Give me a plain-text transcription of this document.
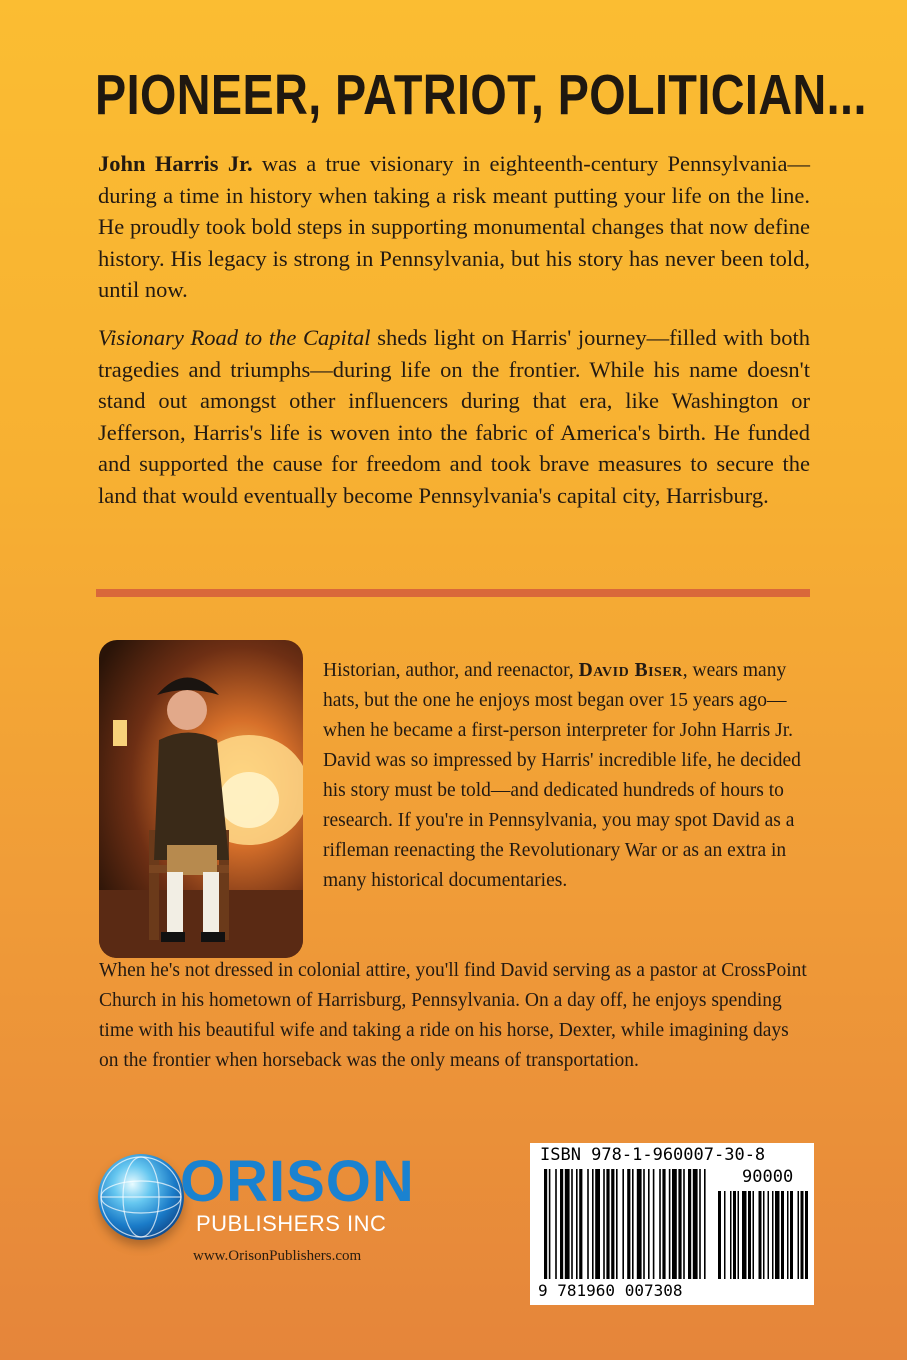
PIONEER, PATRIOT, POLITICIAN...
John Harris Jr. was a true visionary in eighteenth-century Pennsylvania—during a time in history when taking a risk meant putting your life on the line. He proudly took bold steps in supporting monumental changes that now define history. His legacy is strong in Pennsylvania, but his story has never been told, until now.
Visionary Road to the Capital sheds light on Harris' journey—filled with both tragedies and triumphs—during life on the frontier. While his name doesn't stand out amongst other influencers during that era, like Washington or Jefferson, Harris's life is woven into the fabric of America's birth. He funded and supported the cause for freedom and took brave measures to secure the land that would eventually become Pennsylvania's capital city, Harrisburg.
Historian, author, and reenactor, David Biser, wears many hats, but the one he enjoys most began over 15 years ago—when he became a first-person interpreter for John Harris Jr. David was so impressed by Harris' incredible life, he decided his story must be told—and dedicated hundreds of hours to research. If you're in Pennsylvania, you may spot David as a rifleman reenacting the Revolutionary War or as an extra in many historical documentaries.
When he's not dressed in colonial attire, you'll find David serving as a pastor at CrossPoint Church in his hometown of Harrisburg, Pennsylvania. On a day off, he enjoys spending time with his beautiful wife and taking a ride on his horse, Dexter, while imagining days on the frontier when horseback was the only means of transportation.
ORISON
PUBLISHERS INC
www.OrisonPublishers.com
ISBN 978-1-960007-30-8
90000
9 781960 007308
